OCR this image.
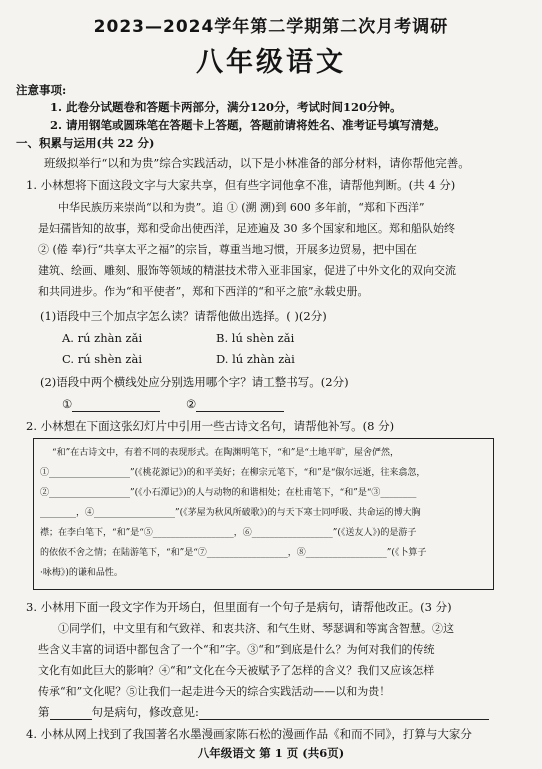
2023—2024学年第二学期第二次月考调研
八年级语文
注意事项:
1. 此卷分试题卷和答题卡两部分，满分120分，考试时间120分钟。
2. 请用钢笔或圆珠笔在答题卡上答题，答题前请将姓名、准考证号填写清楚。
一、积累与运用(共 22 分)
班级拟举行“以和为贵”综合实践活动，以下是小林准备的部分材料，请你帮他完善。
1. 小林想将下面这段文字与大家共享，但有些字词他拿不准，请帮他判断。(共 4 分)
中华民族历来崇尚“以和为贵”。追 ① (溯 溯)到 600 多年前，“郑和下西洋”
是妇孺皆知的故事，郑和受命出使西洋，足迹遍及 30 多个国家和地区。郑和船队始终
② (倦 奉)行“共享太平之福”的宗旨，尊重当地习惯，开展多边贸易，把中国在
建筑、绘画、雕刻、服饰等领域的精湛技术带入亚非国家，促进了中外文化的双向交流
和共同进步。作为“和平使者”，郑和下西洋的“和平之旅”永载史册。
(1)语段中三个加点字怎么读？请帮他做出选择。( )(2分)
A. rú zhàn zǎi	B. lú shèn zǎi
C. rú shèn zài	D. lú zhàn zài
(2)语段中两个横线处应分别选用哪个字？请工整书写。(2分)
①	②
2. 小林想在下面这张幻灯片中引用一些古诗文名句，请帮他补写。(8 分)
“和”在古诗文中，有着不同的表现形式。在陶渊明笔下，“和”是“土地平旷，屋舍俨然，
①__________________”(《桃花源记》)的和平美好；在柳宗元笔下，“和”是“俶尔远逝，往来翕忽，
②__________________”(《小石潭记》)的人与动物的和谐相处；在杜甫笔下，“和”是“③________
________，④__________________”(《茅屋为秋风所破歌》)的与天下寒士同呼吸、共命运的博大胸
襟；在李白笔下，“和”是“⑤__________________，⑥__________________”(《送友人》)的是游子
的依依不舍之情；在陆游笔下，“和”是“⑦__________________，⑧__________________”(《卜算子
·咏梅》)的谦和品性。
3. 小林用下面一段文字作为开场白，但里面有一个句子是病句，请帮他改正。(3 分)
①同学们，中文里有和气致祥、和衷共济、和气生财、琴瑟调和等寓含智慧。②这
些含义丰富的词语中都包含了一个“和”字。③“和”到底是什么？为何对我们的传统
文化有如此巨大的影响？④“和”文化在今天被赋予了怎样的含义？我们又应该怎样
传承“和”文化呢？⑤让我们一起走进今天的综合实践活动——以和为贵！
第	句是病句，修改意见:
4. 小林从网上找到了我国著名水墨漫画家陈石松的漫画作品《和而不同》，打算与大家分
八年级语文 第 1 页 (共6页)
